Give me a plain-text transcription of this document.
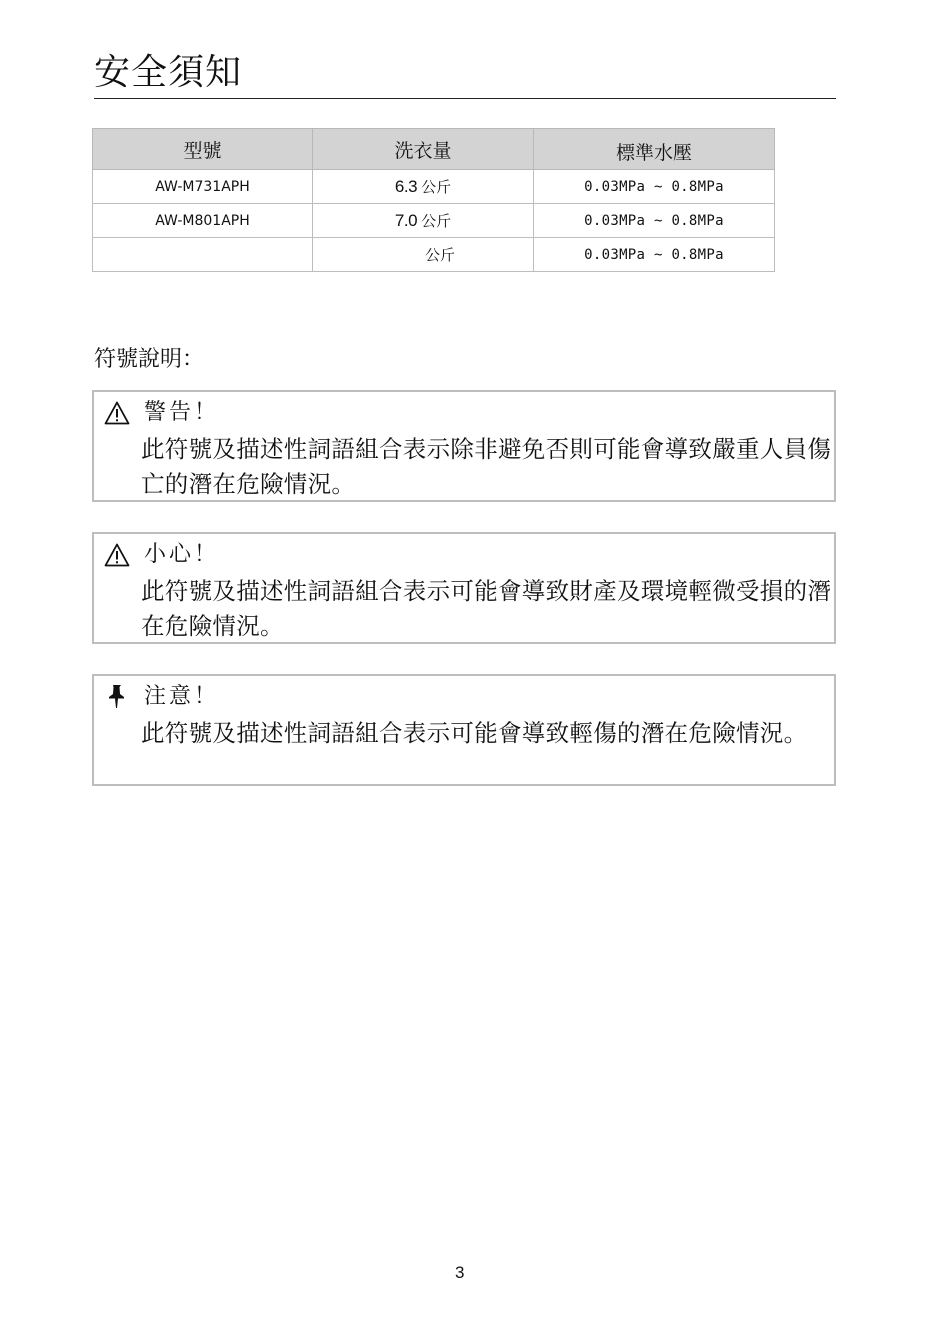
安全須知
型號	洗衣量	標準水壓
AW-M731APH	6.3 公斤	0.03MPa ~ 0.8MPa
AW-M801APH	7.0 公斤	0.03MPa ~ 0.8MPa
	公斤	0.03MPa ~ 0.8MPa
符號說明：
警告！
此符號及描述性詞語組合表示除非避免否則可能會導致嚴重人員傷亡的潛在危險情況。
小心！
此符號及描述性詞語組合表示可能會導致財產及環境輕微受損的潛在危險情況。
注意！
此符號及描述性詞語組合表示可能會導致輕傷的潛在危險情況。
3
